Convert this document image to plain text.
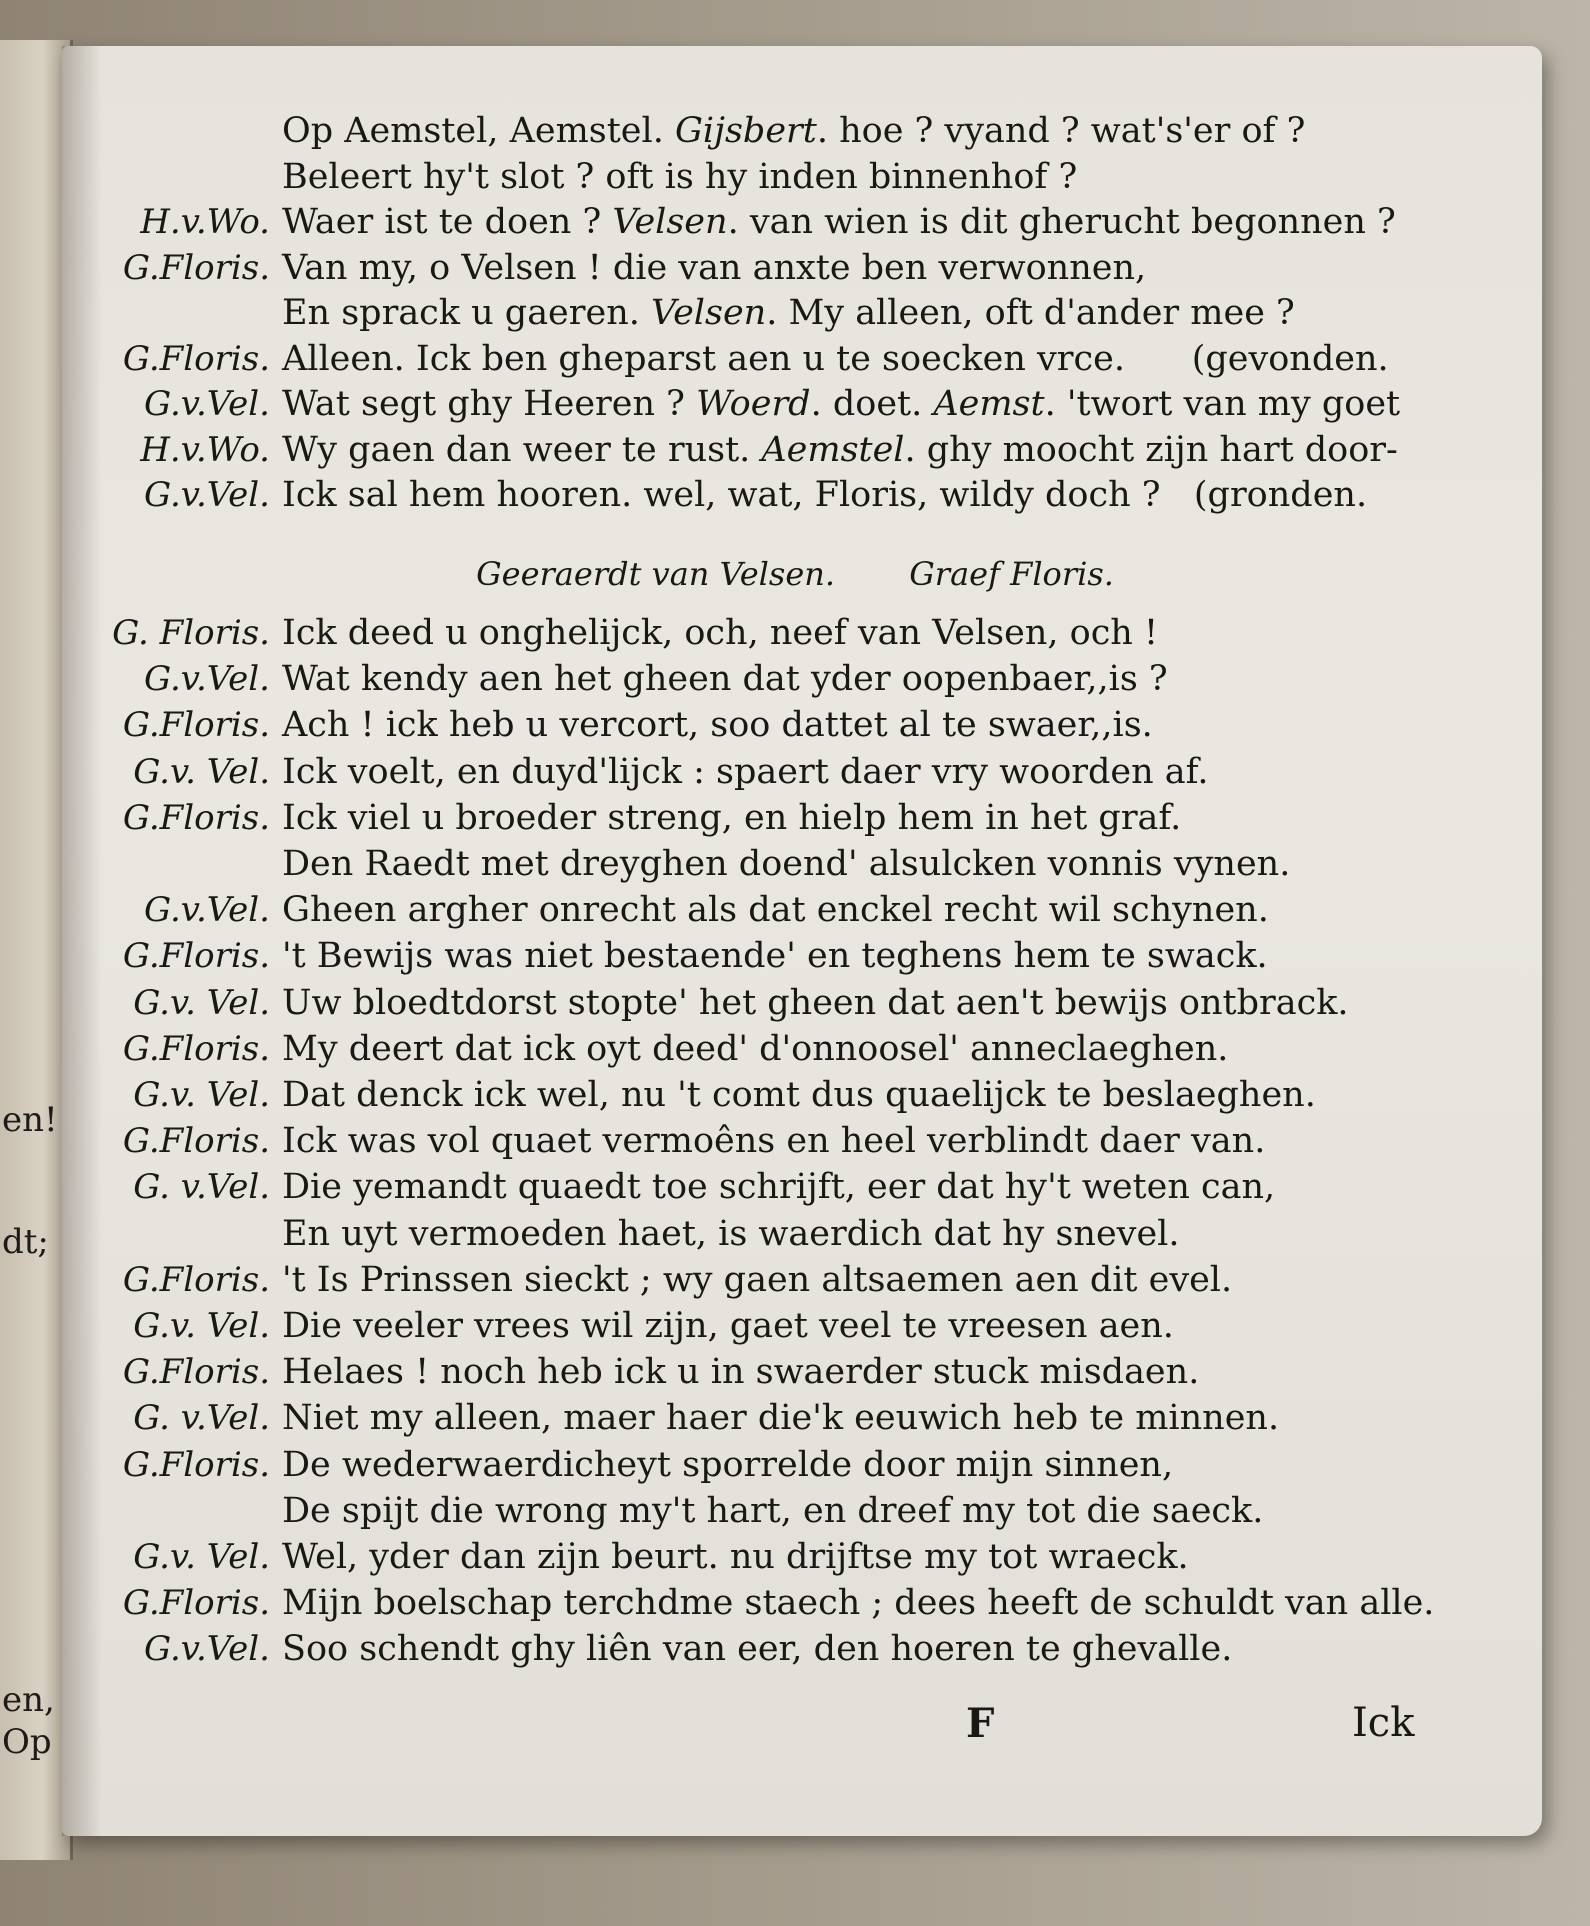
en!
dt;
en,
Op
Op Aemstel, Aemstel. Gijsbert. hoe ? vyand ? wat's'er of ?
Beleert hy't slot ? oft is hy inden binnenhof ?
H.v.Wo. Waer ist te doen ? Velsen. van wien is dit gherucht begonnen ?
G.Floris. Van my, o Velsen ! die van anxte ben verwonnen,
En sprack u gaeren. Velsen. My alleen, oft d'ander mee ?
G.Floris. Alleen. Ick ben gheparst aen u te soecken vrce.      (gevonden.
G.v.Vel. Wat segt ghy Heeren ? Woerd. doet. Aemst. 'twort van my goet
H.v.Wo. Wy gaen dan weer te rust. Aemstel. ghy moocht zijn hart door-
G.v.Vel. Ick sal hem hooren. wel, wat, Floris, wildy doch ?   (gronden.
G. Floris. Ick deed u onghelijck, och, neef van Velsen, och !
G.v.Vel. Wat kendy aen het gheen dat yder oopenbaer,,is ?
G.Floris. Ach ! ick heb u vercort, soo dattet al te swaer,,is.
G.v. Vel. Ick voelt, en duyd'lijck : spaert daer vry woorden af.
G.Floris. Ick viel u broeder streng, en hielp hem in het graf.
Den Raedt met dreyghen doend' alsulcken vonnis vynen.
G.v.Vel. Gheen argher onrecht als dat enckel recht wil schynen.
G.Floris. 't Bewijs was niet bestaende' en teghens hem te swack.
G.v. Vel. Uw bloedtdorst stopte' het gheen dat aen't bewijs ontbrack.
G.Floris. My deert dat ick oyt deed' d'onnoosel' anneclaeghen.
G.v. Vel. Dat denck ick wel, nu 't comt dus quaelijck te beslaeghen.
G.Floris. Ick was vol quaet vermoêns en heel verblindt daer van.
G. v.Vel. Die yemandt quaedt toe schrijft, eer dat hy't weten can,
En uyt vermoeden haet, is waerdich dat hy snevel.
G.Floris. 't Is Prinssen sieckt ; wy gaen altsaemen aen dit evel.
G.v. Vel. Die veeler vrees wil zijn, gaet veel te vreesen aen.
G.Floris. Helaes ! noch heb ick u in swaerder stuck misdaen.
G. v.Vel. Niet my alleen, maer haer die'k eeuwich heb te minnen.
G.Floris. De wederwaerdicheyt sporrelde door mijn sinnen,
De spijt die wrong my't hart, en dreef my tot die saeck.
G.v. Vel. Wel, yder dan zijn beurt. nu drijftse my tot wraeck.
G.Floris. Mijn boelschap terchdme staech ; dees heeft de schuldt van alle.
G.v.Vel. Soo schendt ghy liên van eer, den hoeren te ghevalle.
Geeraerdt van Velsen. Graef Floris.
F	Ick
